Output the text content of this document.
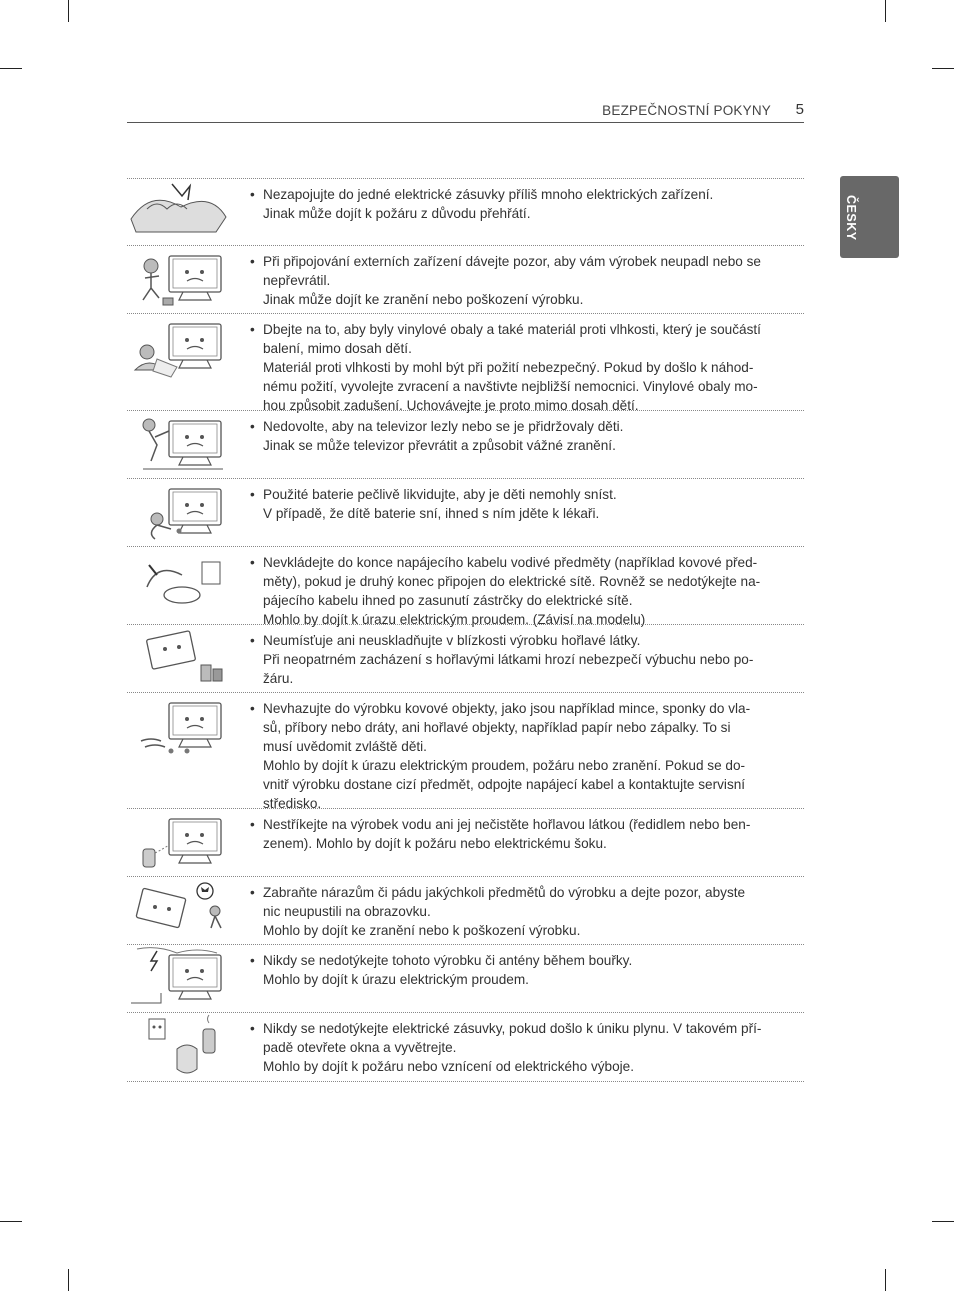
BEZPEČNOSTNÍ POKYNY 5
ČESKY
• Nezapojujte do jedné elektrické zásuvky příliš mnoho elektrických zařízení.

Jinak může dojít k požáru z důvodu přehřátí.

• Při připojování externích zařízení dávejte pozor, aby vám výrobek neupadl nebo se

nepřevrátil.

Jinak může dojít ke zranění nebo poškození výrobku.

• Dbejte na to, aby byly vinylové obaly a také materiál proti vlhkosti, který je součástí

balení, mimo dosah dětí.

Materiál proti vlhkosti by mohl být při požití nebezpečný. Pokud by došlo k náhod-

nému požití, vyvolejte zvracení a navštivte nejbližší nemocnici. Vinylové obaly mo-

hou způsobit zadušení. Uchovávejte je proto mimo dosah dětí.

• Nedovolte, aby na televizor lezly nebo se je přidržovaly děti.

Jinak se může televizor převrátit a způsobit vážné zranění.

• Použité baterie pečlivě likvidujte, aby je děti nemohly sníst.

V případě, že dítě baterie sní, ihned s ním jděte k lékaři.

• Nevkládejte do konce napájecího kabelu vodivé předměty (například kovové před-

měty), pokud je druhý konec připojen do elektrické sítě. Rovněž se nedotýkejte na-

pájecího kabelu ihned po zasunutí zástrčky do elektrické sítě.

Mohlo by dojít k úrazu elektrickým proudem. (Závisí na modelu)

• Neumísťuje ani neuskladňujte v blízkosti výrobku hořlavé látky.

Při neopatrném zacházení s hořlavými látkami hrozí nebezpečí výbuchu nebo po-

žáru.

• Nevhazujte do výrobku kovové objekty, jako jsou například mince, sponky do vla-

sů, příbory nebo dráty, ani hořlavé objekty, například papír nebo zápalky. To si

musí uvědomit zvláště děti.

Mohlo by dojít k úrazu elektrickým proudem, požáru nebo zranění. Pokud se do-

vnitř výrobku dostane cizí předmět, odpojte napájecí kabel a kontaktujte servisní

středisko.

• Nestříkejte na výrobek vodu ani jej nečistěte hořlavou látkou (ředidlem nebo ben-

zenem). Mohlo by dojít k požáru nebo elektrickému šoku.

• Zabraňte nárazům či pádu jakýchkoli předmětů do výrobku a dejte pozor, abyste

nic neupustili na obrazovku.

Mohlo by dojít ke zranění nebo k poškození výrobku.

• Nikdy se nedotýkejte tohoto výrobku či antény během bouřky.

Mohlo by dojít k úrazu elektrickým proudem.

• Nikdy se nedotýkejte elektrické zásuvky, pokud došlo k úniku plynu. V takovém pří-

padě otevřete okna a vyvětrejte.

Mohlo by dojít k požáru nebo vznícení od elektrického výboje.
